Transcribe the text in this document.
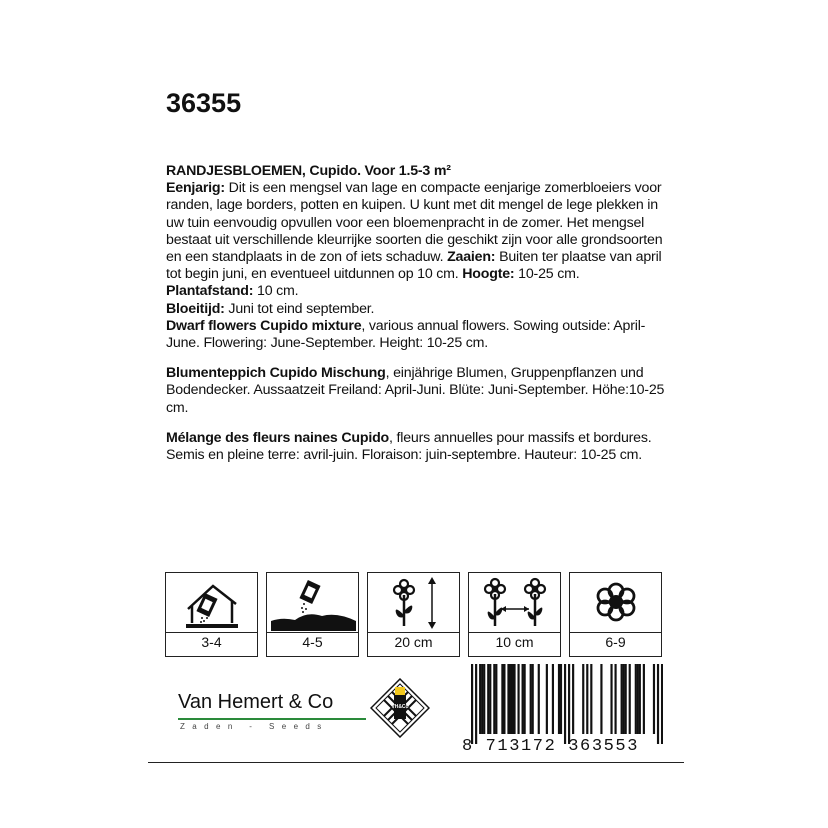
36355

RANDJESBLOEMEN, Cupido. Voor 1.5-3 m²

Eenjarig: Dit is een mengsel van lage en compacte eenjarige zomerbloeiers voor randen, lage borders, potten en kuipen. U kunt met dit mengel de lege plekken in uw tuin eenvoudig opvullen voor een bloemenpracht in de zomer. Het mengsel bestaat uit verschillende kleurrijke soorten die geschikt zijn voor alle grondsoorten en een standplaats in de zon of iets schaduw. Zaaien: Buiten ter plaatse van april tot begin juni, en eventueel uitdunnen op 10 cm. Hoogte: 10-25 cm. Plantafstand: 10 cm.

Bloeitijd: Juni tot eind september.

Dwarf flowers Cupido mixture, various annual flowers. Sowing outside: April-June. Flowering: June-September. Height: 10-25 cm.

Blumenteppich Cupido Mischung, einjährige Blumen, Gruppenpflanzen und Bodendecker. Aussaatzeit Freiland: April-Juni. Blüte: Juni-September. Höhe:10-25 cm.

Mélange des fleurs naines Cupido, fleurs annuelles pour massifs et bordures. Semis en pleine terre: avril-juin. Floraison: juin-septembre. Hauteur: 10-25 cm.

3-4	4-5	20 cm	10 cm	6-9
Van Hemert & Co
Zaden - Seeds
VH&Co
8 713172 363553
